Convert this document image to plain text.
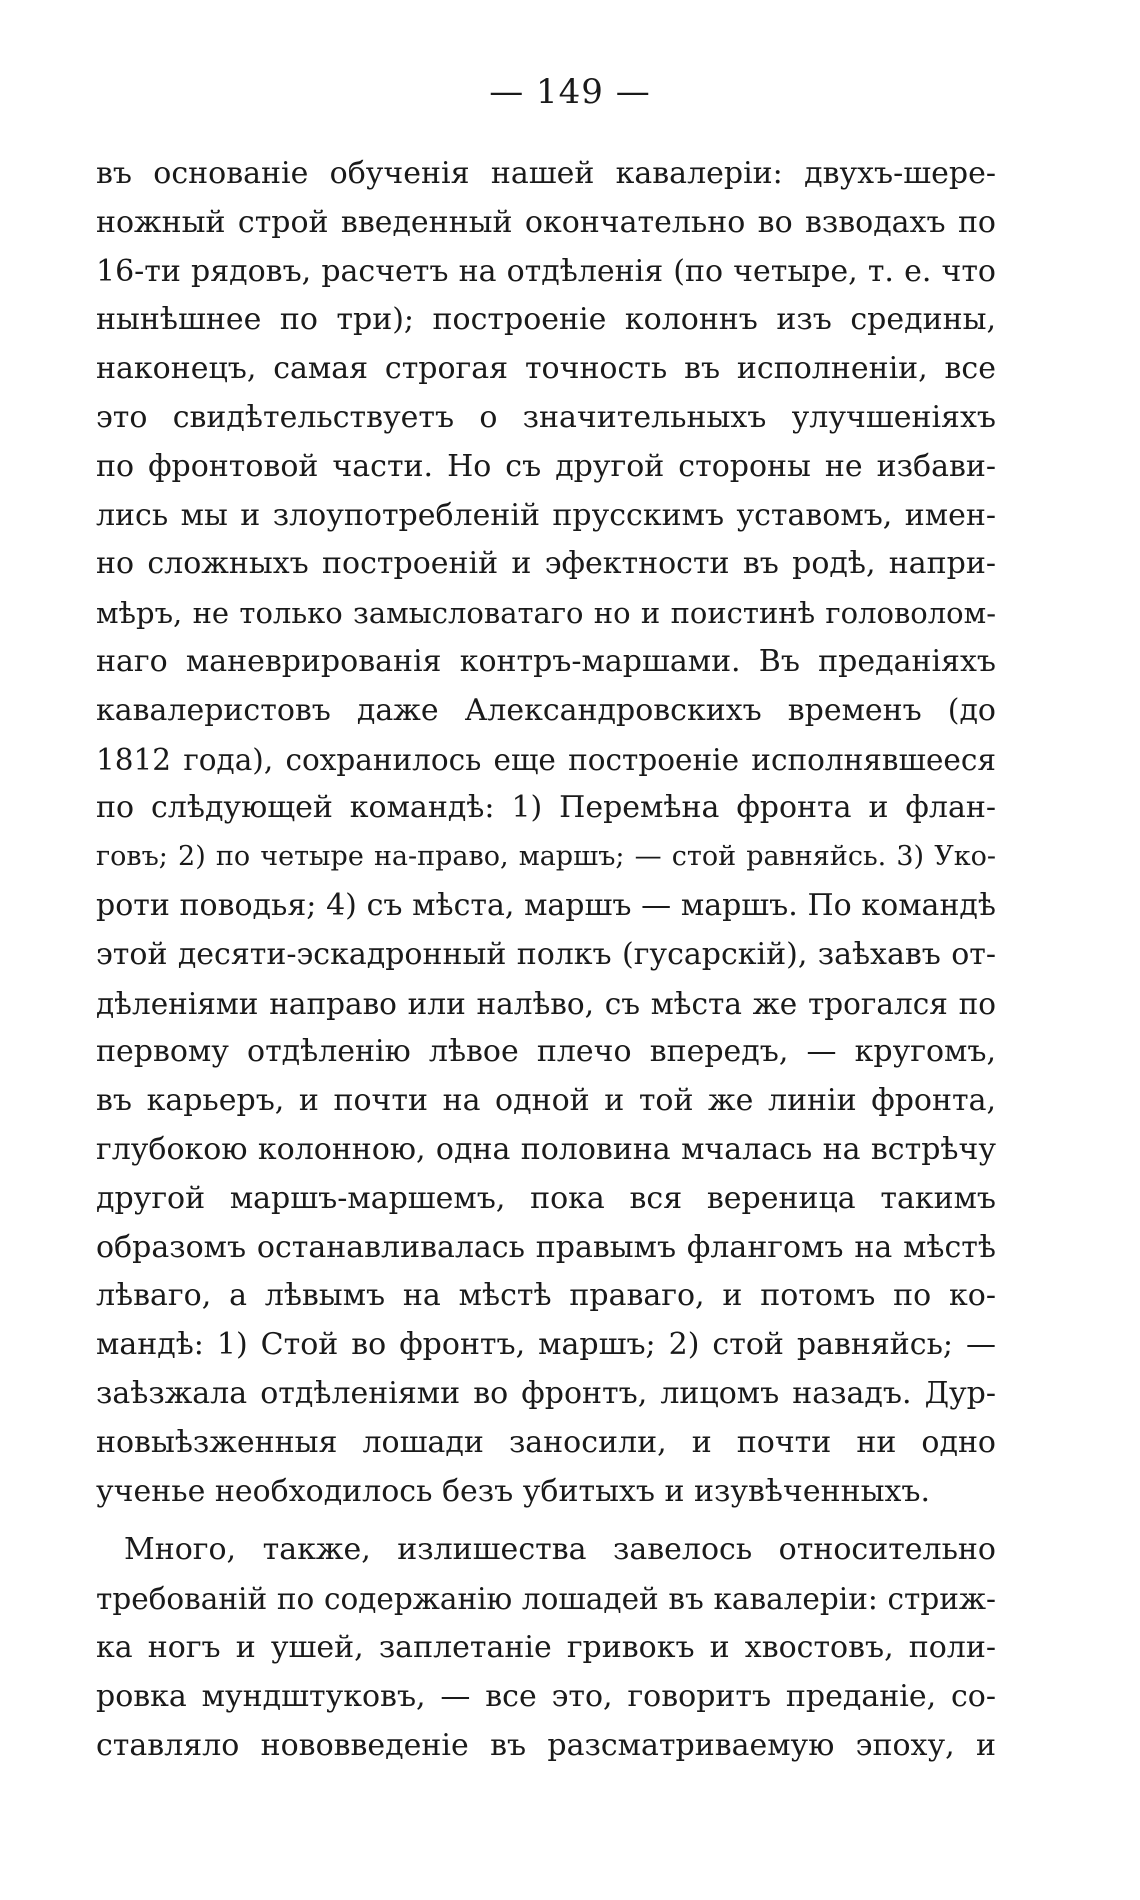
— 149 —
въ основаніе обученія нашей кавалеріи: двухъ-шере-
ножный строй введенный окончательно во взводахъ по
16-ти рядовъ, расчетъ на отдѣленія (по четыре, т. е. что
нынѣшнее по три); построеніе колоннъ изъ средины,
наконецъ, самая строгая точность въ исполненіи, все
это свидѣтельствуетъ о значительныхъ улучшеніяхъ
по фронтовой части. Но съ другой стороны не избави-
лись мы и злоупотребленій прусскимъ уставомъ, имен-
но сложныхъ построеній и эфектности въ родѣ, напри-
мѣръ, не только замысловатаго но и поистинѣ головолом-
наго маневрированія контръ-маршами. Въ преданіяхъ
кавалеристовъ даже Александровскихъ временъ (до
1812 года), сохранилось еще построеніе исполнявшееся
по слѣдующей командѣ: 1) Перемѣна фронта и флан-
говъ; 2) по четыре на-право, маршъ; — стой равняйсь. 3) Уко-
роти поводья; 4) съ мѣста, маршъ — маршъ. По командѣ
этой десяти-эскадронный полкъ (гусарскій), заѣхавъ от-
дѣленіями направо или налѣво, съ мѣста же трогался по
первому отдѣленію лѣвое плечо впередъ, — кругомъ,
въ карьеръ, и почти на одной и той же линіи фронта,
глубокою колонною, одна половина мчалась на встрѣчу
другой маршъ-маршемъ, пока вся вереница такимъ
образомъ останавливалась правымъ флангомъ на мѣстѣ
лѣваго, а лѣвымъ на мѣстѣ праваго, и потомъ по ко-
мандѣ: 1) Стой во фронтъ, маршъ; 2) стой равняйсь; —
заѣзжала отдѣленіями во фронтъ, лицомъ назадъ. Дур-
новыѣзженныя лошади заносили, и почти ни одно
ученье необходилось безъ убитыхъ и изувѣченныхъ.
Много, также, излишества завелось относительно
требованій по содержанію лошадей въ кавалеріи: стриж-
ка ногъ и ушей, заплетаніе гривокъ и хвостовъ, поли-
ровка мундштуковъ, — все это, говоритъ преданіе, со-
ставляло нововведеніе въ разсматриваемую эпоху, и
